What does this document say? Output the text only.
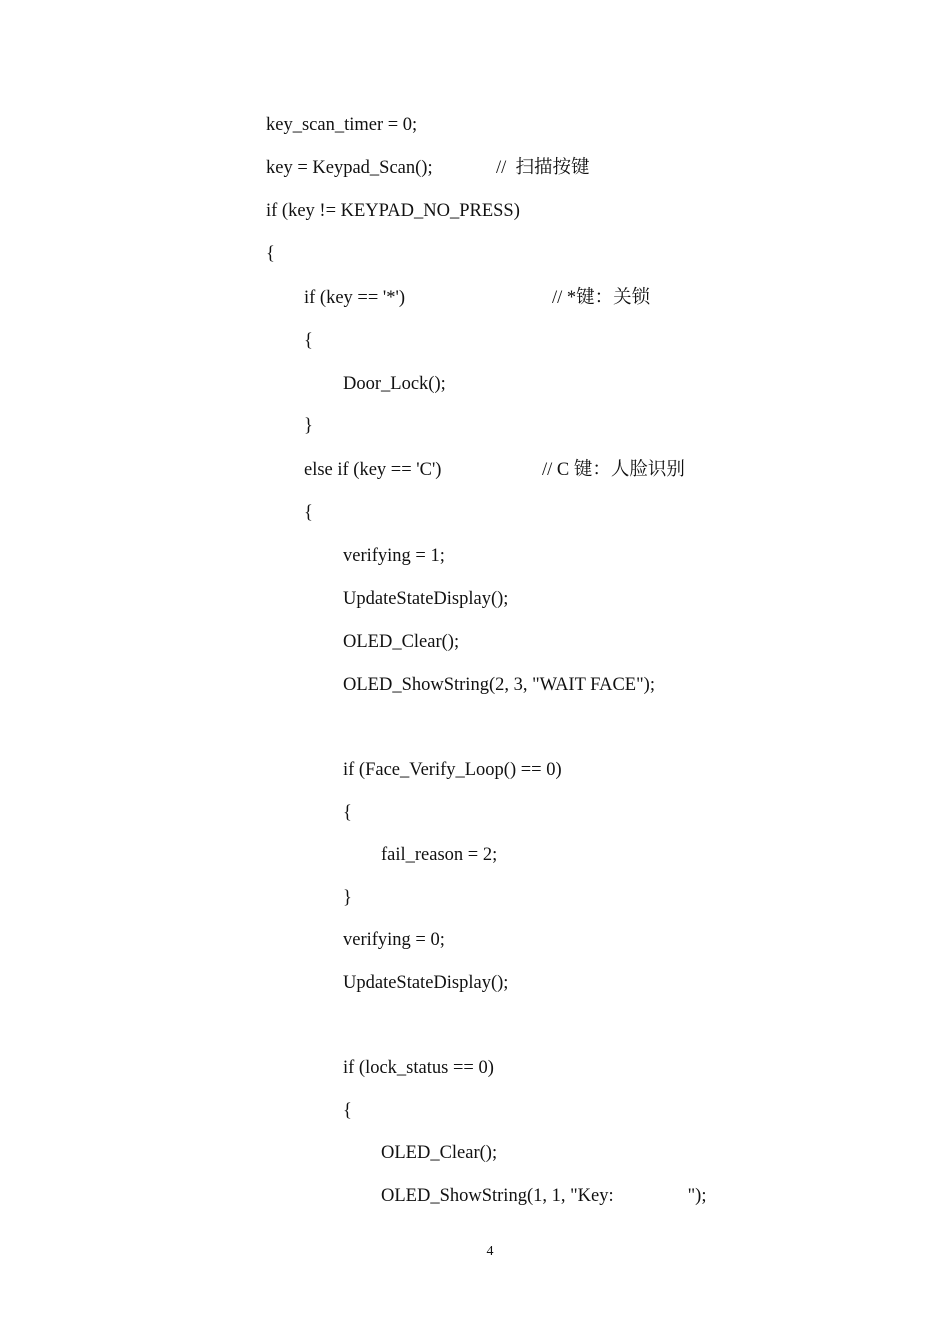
key_scan_timer = 0;
key = Keypad_Scan();	//  扫描按键
if (key != KEYPAD_NO_PRESS)
{
if (key == '*')	// *键：关锁
{
Door_Lock();
}
else if (key == 'C')	// C 键：人脸识别
{
verifying = 1;
UpdateStateDisplay();
OLED_Clear();
OLED_ShowString(2, 3, "WAIT FACE");
if (Face_Verify_Loop() == 0)
{
fail_reason = 2;
}
verifying = 0;
UpdateStateDisplay();
if (lock_status == 0)
{
OLED_Clear();
OLED_ShowString(1, 1, "Key:                ");
4
